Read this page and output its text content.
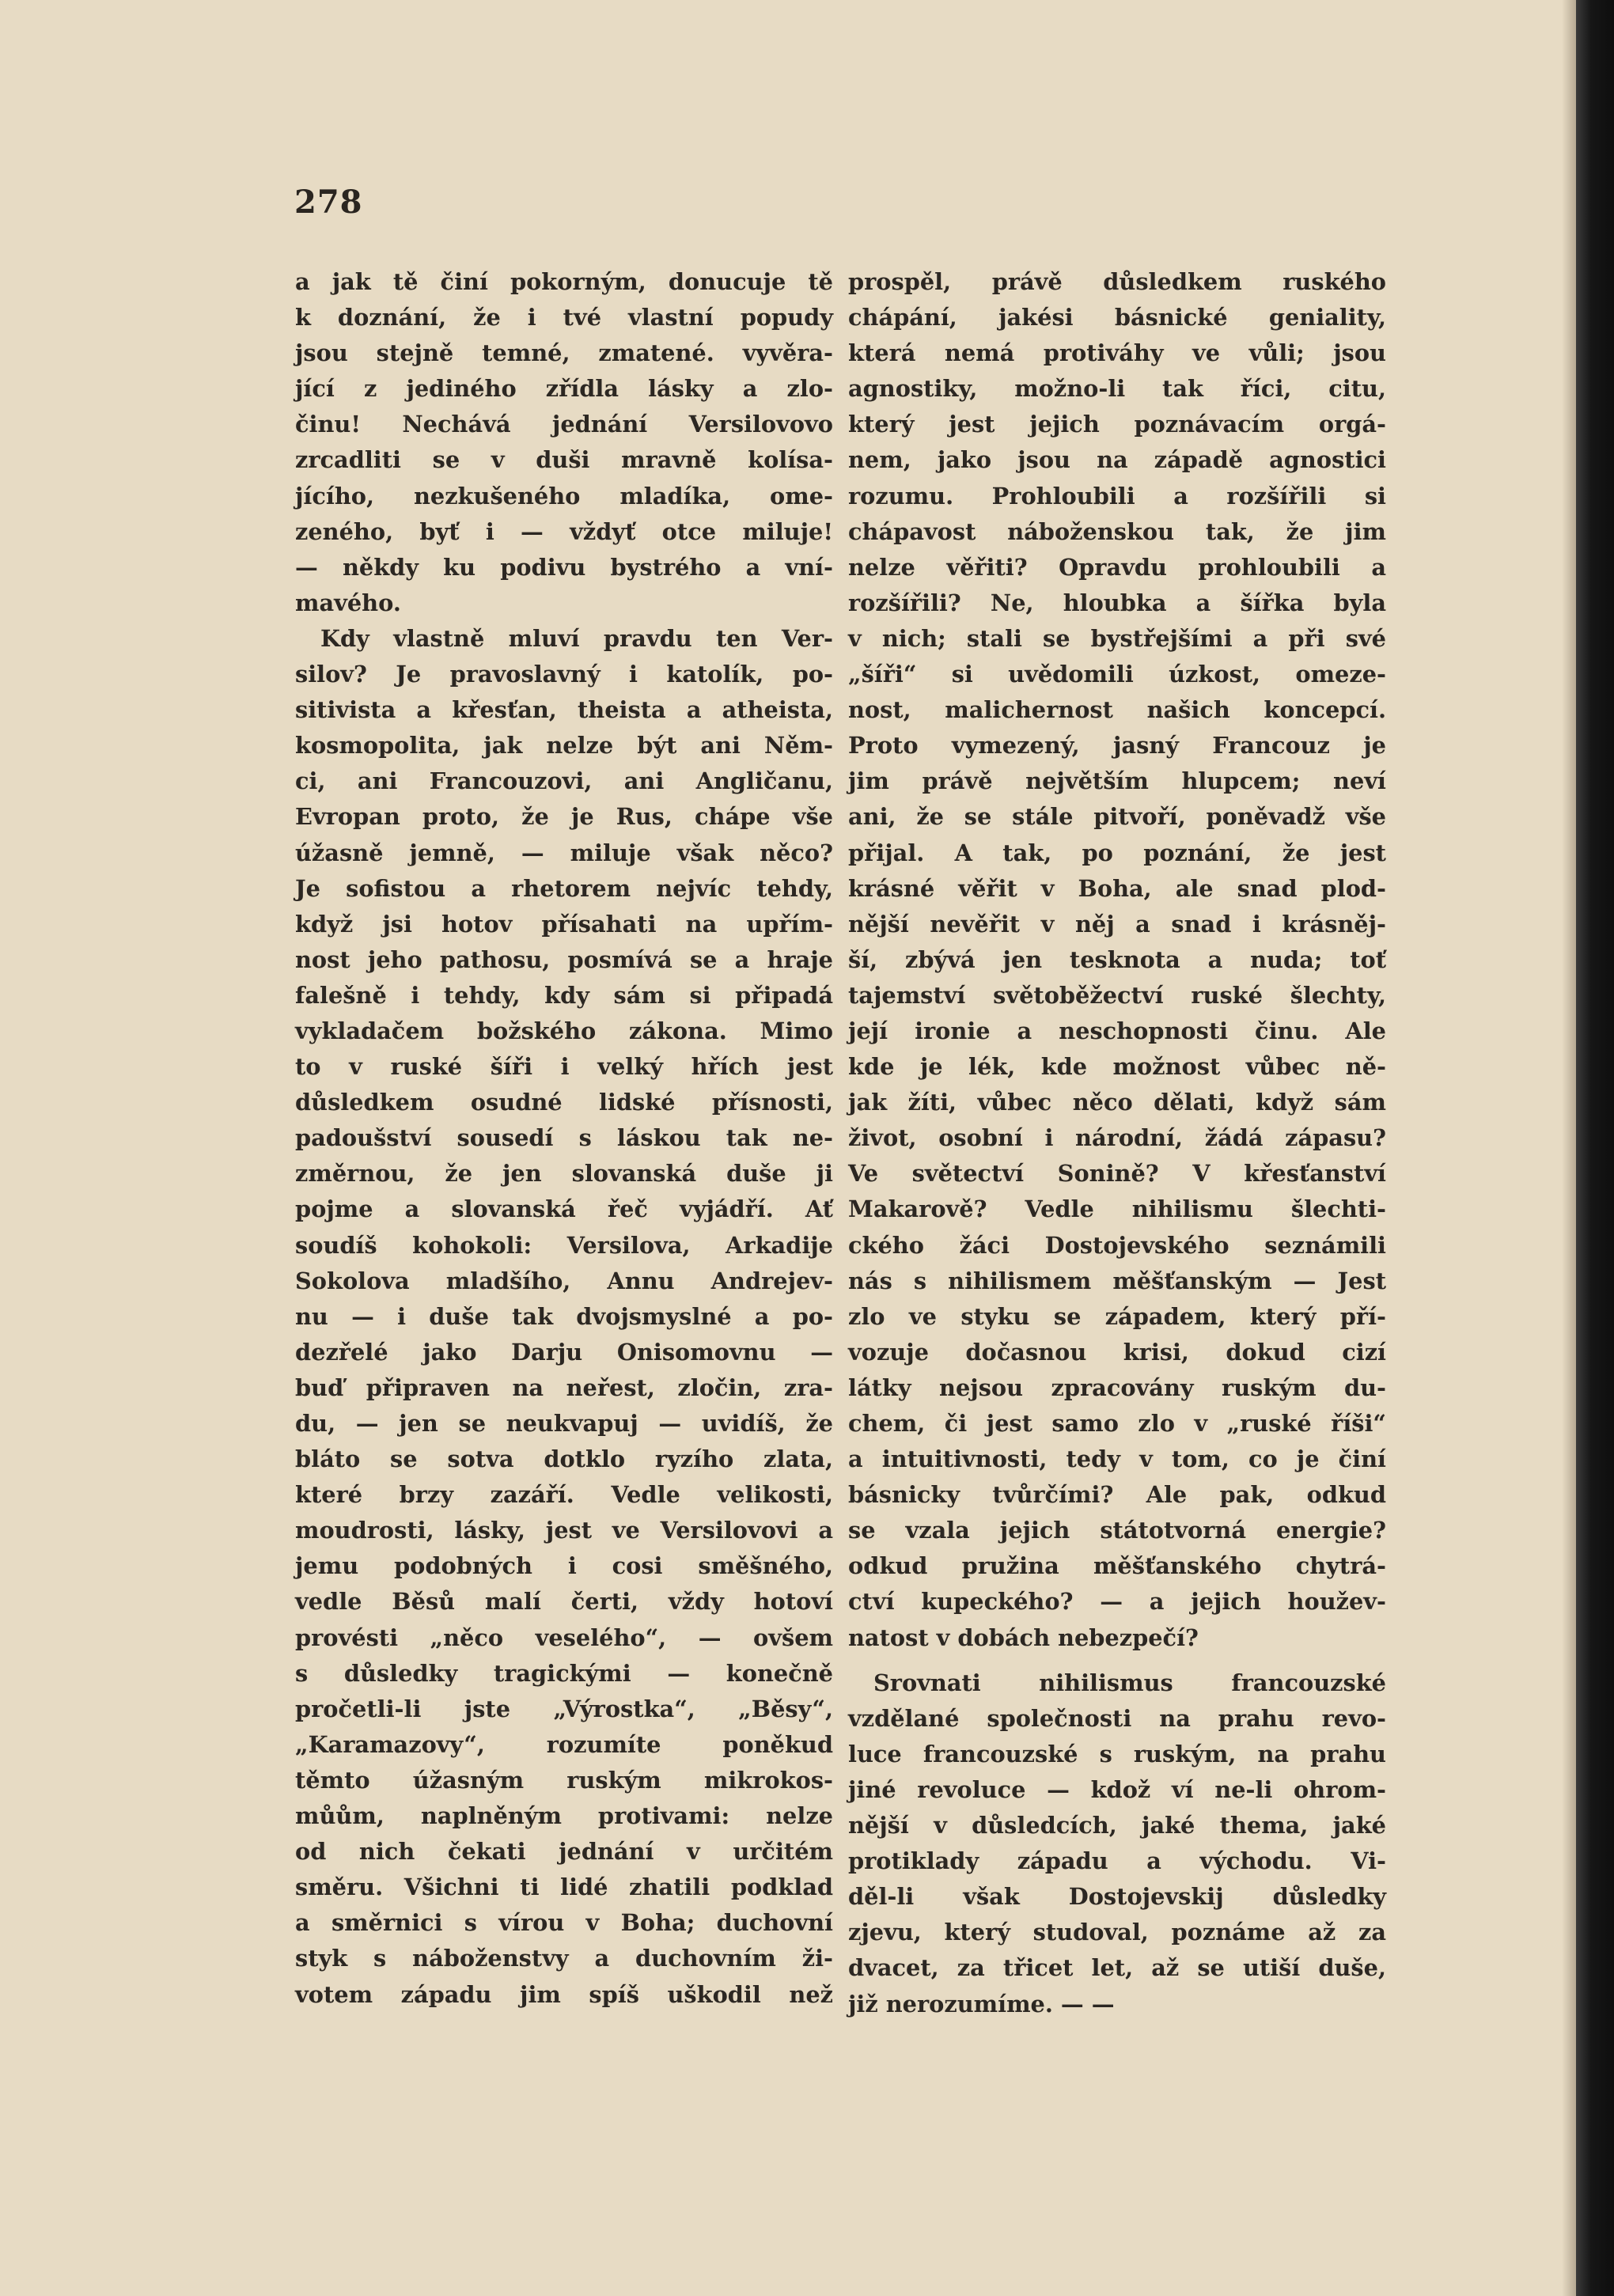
278
a jak tě činí pokorným, donucuje tě
k doznání, že i tvé vlastní popudy
jsou stejně temné, zmatené. vyvěra-
jící z jediného zřídla lásky a zlo-
činu! Nechává jednání Versilovovo
zrcadliti se v duši mravně kolísa-
jícího, nezkušeného mladíka, ome-
zeného, byť i — vždyť otce miluje!
— někdy ku podivu bystrého a vní-
mavého.
Kdy vlastně mluví pravdu ten Ver-
silov? Je pravoslavný i katolík, po-
sitivista a křesťan, theista a atheista,
kosmopolita, jak nelze být ani Něm-
ci, ani Francouzovi, ani Angličanu,
Evropan proto, že je Rus, chápe vše
úžasně jemně, — miluje však něco?
Je sofistou a rhetorem nejvíc tehdy,
když jsi hotov přísahati na upřím-
nost jeho pathosu, posmívá se a hraje
falešně i tehdy, kdy sám si připadá
vykladačem božského zákona. Mimo
to v ruské šíři i velký hřích jest
důsledkem osudné lidské přísnosti,
padoušství sousedí s láskou tak ne-
změrnou, že jen slovanská duše ji
pojme a slovanská řeč vyjádří. Ať
soudíš kohokoli: Versilova, Arkadije
Sokolova mladšího, Annu Andrejev-
nu — i duše tak dvojsmyslné a po-
dezřelé jako Darju Onisomovnu —
buď připraven na neřest, zločin, zra-
du, — jen se neukvapuj — uvidíš, že
bláto se sotva dotklo ryzího zlata,
které brzy zazáří. Vedle velikosti,
moudrosti, lásky, jest ve Versilovovi a
jemu podobných i cosi směšného,
vedle Běsů malí čerti, vždy hotoví
provésti „něco veselého“, — ovšem
s důsledky tragickými — konečně
pročetli-li jste „Výrostka“, „Běsy“,
„Karamazovy“, rozumíte poněkud
těmto úžasným ruským mikrokos-
můům, naplněným protivami: nelze
od nich čekati jednání v určitém
směru. Všichni ti lidé zhatili podklad
a směrnici s vírou v Boha; duchovní
styk s náboženstvy a duchovním ži-
votem západu jim spíš uškodil než
prospěl, právě důsledkem ruského
chápání, jakési básnické geniality,
která nemá protiváhy ve vůli; jsou
agnostiky, možno-li tak říci, citu,
který jest jejich poznávacím orgá-
nem, jako jsou na západě agnostici
rozumu. Prohloubili a rozšířili si
chápavost náboženskou tak, že jim
nelze věřiti? Opravdu prohloubili a
rozšířili? Ne, hloubka a šířka byla
v nich; stali se bystřejšími a při své
„šíři“ si uvědomili úzkost, omeze-
nost, malichernost našich koncepcí.
Proto vymezený, jasný Francouz je
jim právě největším hlupcem; neví
ani, že se stále pitvoří, poněvadž vše
přijal. A tak, po poznání, že jest
krásné věřit v Boha, ale snad plod-
nější nevěřit v něj a snad i krásněj-
ší, zbývá jen tesknota a nuda; toť
tajemství světoběžectví ruské šlechty,
její ironie a neschopnosti činu. Ale
kde je lék, kde možnost vůbec ně-
jak žíti, vůbec něco dělati, když sám
život, osobní i národní, žádá zápasu?
Ve světectví Sonině? V křesťanství
Makarově? Vedle nihilismu šlechti-
ckého žáci Dostojevského seznámili
nás s nihilismem měšťanským — Jest
zlo ve styku se západem, který pří-
vozuje dočasnou krisi, dokud cizí
látky nejsou zpracovány ruským du-
chem, či jest samo zlo v „ruské říši“
a intuitivnosti, tedy v tom, co je činí
básnicky tvůrčími? Ale pak, odkud
se vzala jejich státotvorná energie?
odkud pružina měšťanského chytrá-
ctví kupeckého? — a jejich houžev-
natost v dobách nebezpečí?
Srovnati nihilismus francouzské
vzdělané společnosti na prahu revo-
luce francouzské s ruským, na prahu
jiné revoluce — kdož ví ne-li ohrom-
nější v důsledcích, jaké thema, jaké
protiklady západu a východu. Vi-
děl-li však Dostojevskij důsledky
zjevu, který studoval, poznáme až za
dvacet, za třicet let, až se utiší duše,
již nerozumíme. — —
